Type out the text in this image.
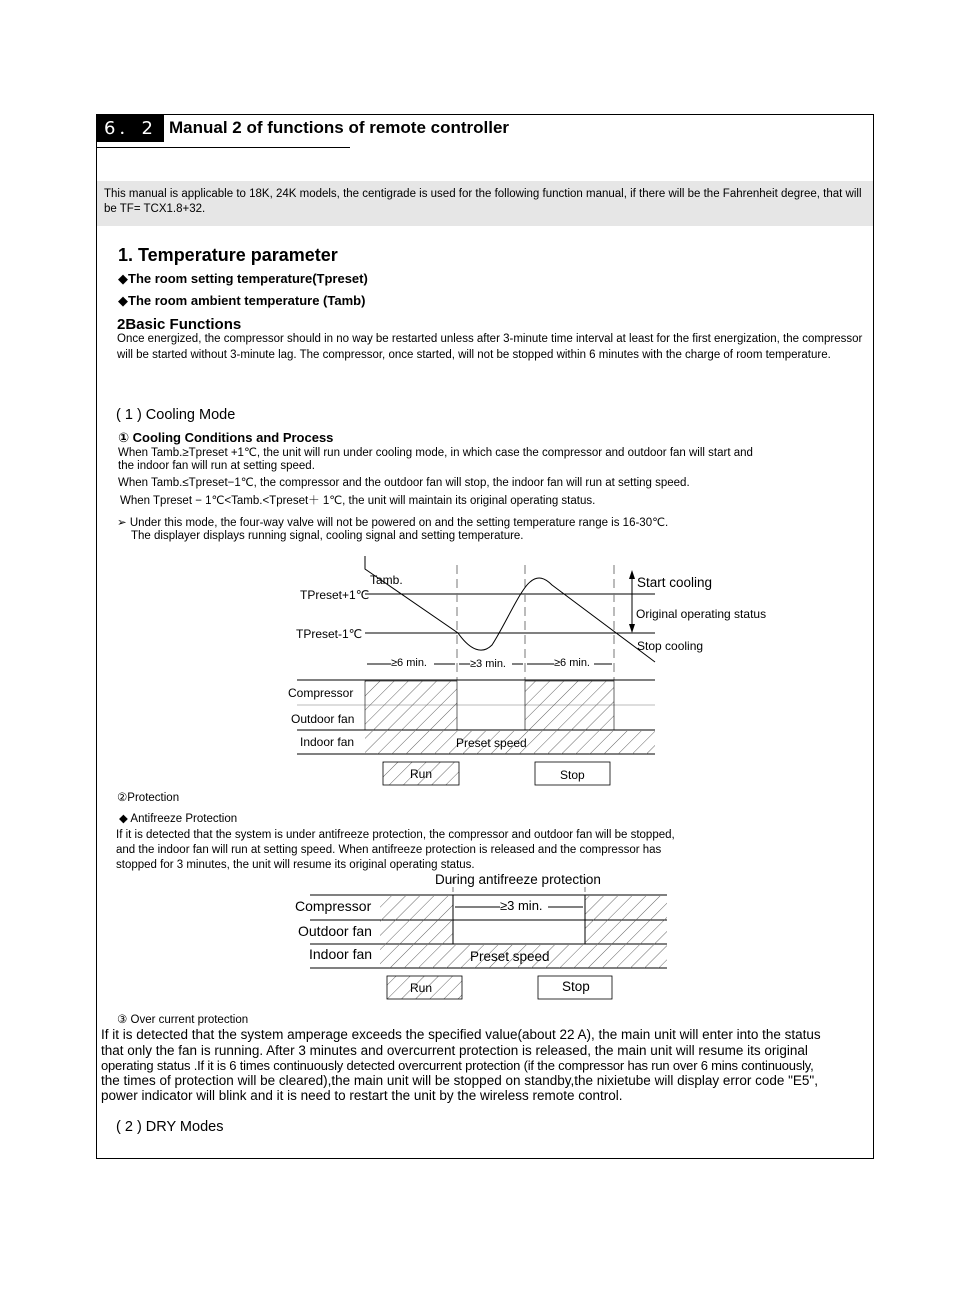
6．2 Manual 2 of functions of remote controller
This manual is applicable to 18K, 24K models, the centigrade is used for the following function manual, if there will be the Fahrenheit degree, that will be TF= TCX1.8+32.
1. Temperature parameter
◆The room setting temperature(Tpreset)
◆The room ambient temperature (Tamb)
2Basic Functions
Once energized, the compressor should in no way be restarted unless after 3-minute time interval at least for the first energization, the compressor will be started without 3-minute lag. The compressor, once started, will not be stopped within 6 minutes with the charge of room temperature.
( 1 ) Cooling Mode
① Cooling Conditions and Process
When Tamb.≥Tpreset +1℃, the unit will run under cooling mode, in which case the compressor and outdoor fan will start and
the indoor fan will run at setting speed.
When Tamb.≤Tpreset−1℃, the compressor and the outdoor fan will stop, the indoor fan will run at setting speed.
When Tpreset − 1℃<Tamb.<Tpreset＋ 1℃, the unit will maintain its original operating status.
➢ Under this mode, the four-way valve will not be powered on and the setting temperature range is 16-30℃.
The displayer displays running signal, cooling signal and setting temperature.
Tamb.
TPreset+1℃
TPreset-1℃
Start cooling
Original operating status
Stop cooling
≥6 min.	≥3 min.	≥6 min.
Compressor
Outdoor fan
Indoor fan	Preset speed
Run	Stop
②Protection
◆ Antifreeze Protection
If it is detected that the system is under antifreeze protection, the compressor and outdoor fan will be stopped,
and the indoor fan will run at setting speed. When antifreeze protection is released and the compressor has
stopped for 3 minutes, the unit will resume its original operating status.
During antifreeze protection
≥3 min.
Compressor
Outdoor fan
Indoor fan	Preset speed
Run	Stop
③ Over current protection
If it is detected that the system amperage exceeds the specified value(about 22 A), the main unit will enter into the status
that only the fan is running. After 3 minutes and overcurrent protection is released, the main unit will resume its original
operating status .If it is 6 times continuously detected overcurrent protection (if the compressor has run over 6 mins continuously,
the times of protection will be cleared),the main unit will be stopped on standby,the nixietube will display error code "E5",
power indicator will blink and it is need to restart the unit by the wireless remote control.
( 2 ) DRY Modes
